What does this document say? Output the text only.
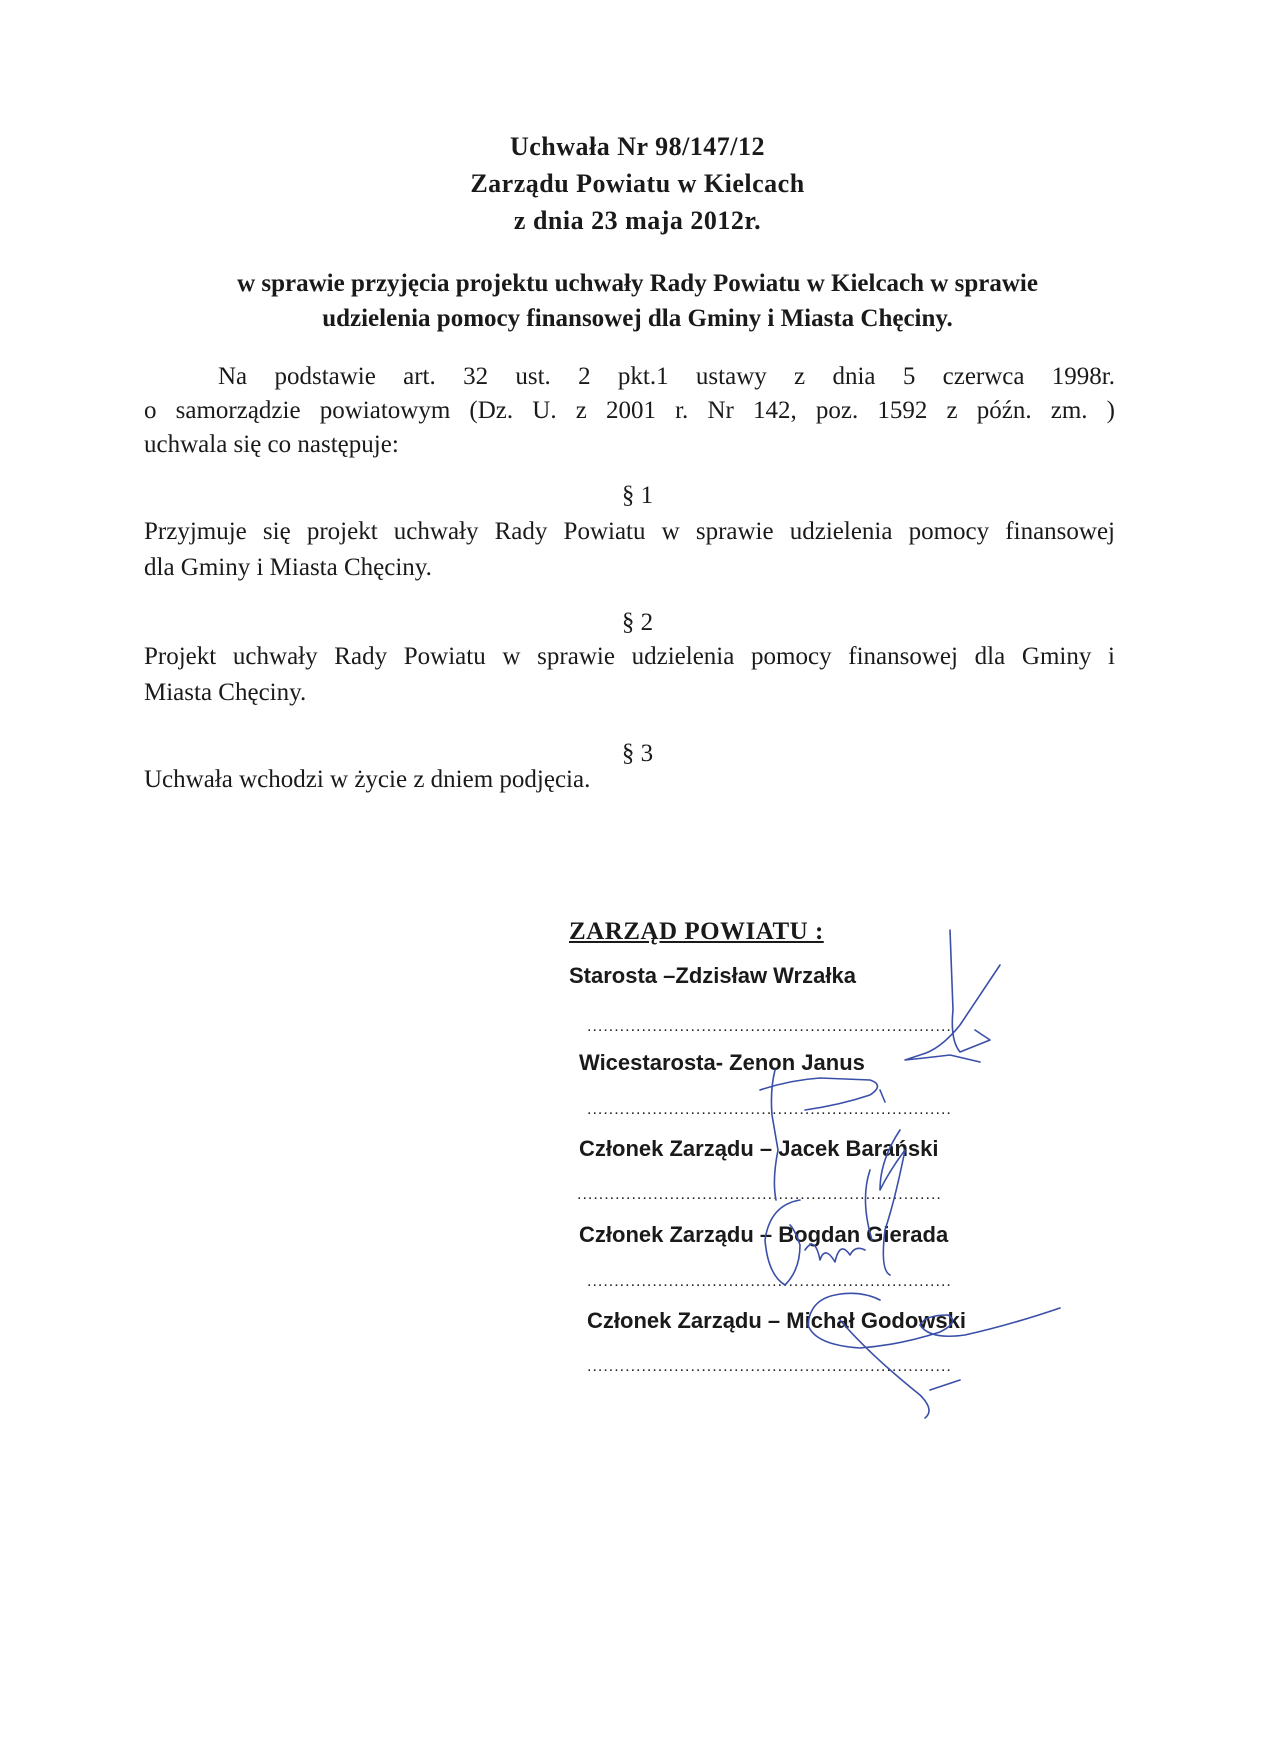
Uchwała Nr 98/147/12
Zarządu Powiatu w Kielcach
z dnia 23 maja 2012r.
w sprawie przyjęcia projektu uchwały Rady Powiatu w Kielcach w sprawie
udzielenia pomocy finansowej dla Gminy i Miasta Chęciny.
Na podstawie art. 32 ust. 2 pkt.1 ustawy z dnia 5 czerwca 1998r.
o samorządzie powiatowym (Dz. U. z 2001 r. Nr 142, poz. 1592 z późn. zm. )
uchwala się co następuje:
§ 1
Przyjmuje się projekt uchwały Rady Powiatu w sprawie udzielenia pomocy finansowej
dla Gminy i Miasta Chęciny.
§ 2
Projekt uchwały Rady Powiatu w sprawie udzielenia pomocy finansowej dla Gminy i
Miasta Chęciny.
§ 3
Uchwała wchodzi w życie z dniem podjęcia.
ZARZĄD POWIATU :
Starosta –Zdzisław Wrzałka
...................................................................
Wicestarosta- Zenon Janus
...................................................................
Członek Zarządu – Jacek Barański
...................................................................
Członek Zarządu – Bogdan Gierada
...................................................................
Członek Zarządu – Michał Godowski
...................................................................
